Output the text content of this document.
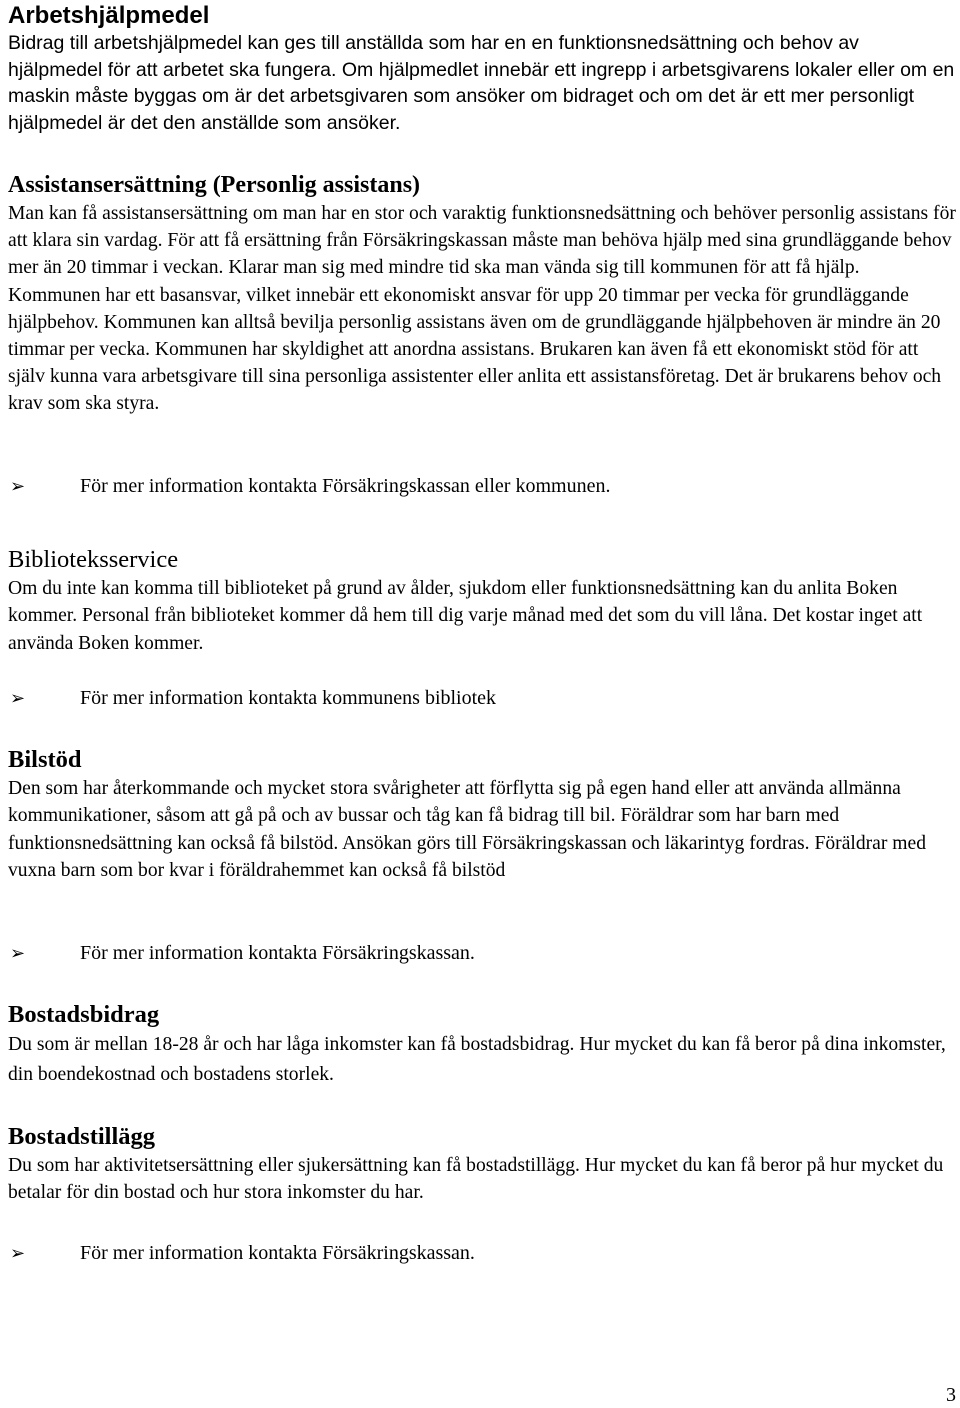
Arbetshjälpmedel

Bidrag till arbetshjälpmedel kan ges till anställda som har en en funktionsnedsättning och behov av hjälpmedel för att arbetet ska fungera. Om hjälpmedlet innebär ett ingrepp i arbetsgivarens lokaler eller om en maskin måste byggas om är det arbetsgivaren som ansöker om bidraget och om det är ett mer personligt hjälpmedel är det den anställde som ansöker.

Assistansersättning (Personlig assistans)

Man kan få assistansersättning om man har en stor och varaktig funktionsnedsättning och behöver personlig assistans för att klara sin vardag. För att få ersättning från Försäkringskassan måste man behöva hjälp med sina grundläggande behov mer än 20 timmar i veckan. Klarar man sig med mindre tid ska man vända sig till kommunen för att få hjälp. Kommunen har ett basansvar, vilket innebär ett ekonomiskt ansvar för upp 20 timmar per vecka för grundläggande hjälpbehov. Kommunen kan alltså bevilja personlig assistans även om de grundläggande hjälpbehoven är mindre än 20 timmar per vecka. Kommunen har skyldighet att anordna assistans. Brukaren kan även få ett ekonomiskt stöd för att själv kunna vara arbetsgivare till sina personliga assistenter eller anlita ett assistansföretag. Det är brukarens behov och krav som ska styra.

➢	För mer information kontakta Försäkringskassan eller kommunen.
Biblioteksservice

Om du inte kan komma till biblioteket på grund av ålder, sjukdom eller funktionsnedsättning kan du anlita Boken kommer. Personal från biblioteket kommer då hem till dig varje månad med det som du vill låna. Det kostar inget att använda Boken kommer.

➢	För mer information kontakta kommunens bibliotek
Bilstöd

Den som har återkommande och mycket stora svårigheter att förflytta sig på egen hand eller att använda allmänna kommunikationer, såsom att gå på och av bussar och tåg kan få bidrag till bil. Föräldrar som har barn med funktionsnedsättning kan också få bilstöd. Ansökan görs till Försäkringskassan och läkarintyg fordras. Föräldrar med vuxna barn som bor kvar i föräldrahemmet kan också få bilstöd

➢	För mer information kontakta Försäkringskassan.
Bostadsbidrag

Du som är mellan 18-28 år och har låga inkomster kan få bostadsbidrag. Hur mycket du kan få beror på dina inkomster, din boendekostnad och bostadens storlek.

Bostadstillägg

Du som har aktivitetsersättning eller sjukersättning kan få bostadstillägg. Hur mycket du kan få beror på hur mycket du betalar för din bostad och hur stora inkomster du har.

➢	För mer information kontakta Försäkringskassan.
3
